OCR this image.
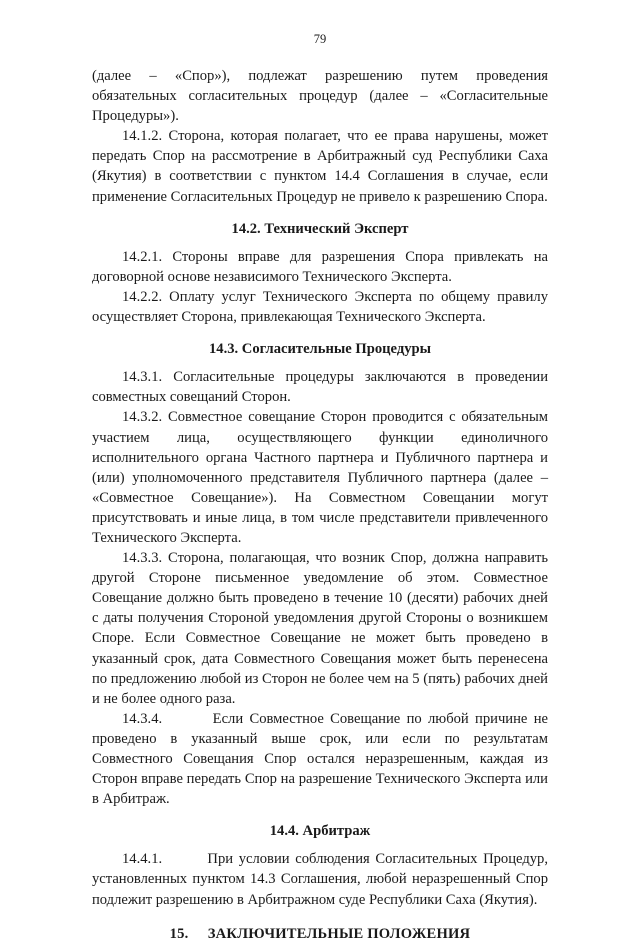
79

(далее – «Спор»), подлежат разрешению путем проведения обязательных согласительных процедур (далее – «Согласительные Процедуры»).

14.1.2. Сторона, которая полагает, что ее права нарушены, может передать Спор на рассмотрение в Арбитражный суд Республики Саха (Якутия) в соответствии с пунктом 14.4 Соглашения в случае, если применение Согласительных Процедур не привело к разрешению Спора.

14.2. Технический Эксперт

14.2.1. Стороны вправе для разрешения Спора привлекать на договорной основе независимого Технического Эксперта.

14.2.2. Оплату услуг Технического Эксперта по общему правилу осуществляет Сторона, привлекающая Технического Эксперта.

14.3. Согласительные Процедуры

14.3.1. Согласительные процедуры заключаются в проведении совместных совещаний Сторон.

14.3.2. Совместное совещание Сторон проводится с обязательным участием лица, осуществляющего функции единоличного исполнительного органа Частного партнера и Публичного партнера и (или) уполномоченного представителя Публичного партнера (далее – «Совместное Совещание»). На Совместном Совещании могут присутствовать и иные лица, в том числе представители привлеченного Технического Эксперта.

14.3.3. Сторона, полагающая, что возник Спор, должна направить другой Стороне письменное уведомление об этом. Совместное Совещание должно быть проведено в течение 10 (десяти) рабочих дней с даты получения Стороной уведомления другой Стороны о возникшем Споре. Если Совместное Совещание не может быть проведено в указанный срок, дата Совместного Совещания может быть перенесена по предложению любой из Сторон не более чем на 5 (пять) рабочих дней и не более одного раза.

14.3.4.        Если Совместное Совещание по любой причине не проведено в указанный выше срок, или если по результатам Совместного Совещания Спор остался неразрешенным, каждая из Сторон вправе передать Спор на разрешение Технического Эксперта или в Арбитраж.

14.4. Арбитраж

14.4.1.        При условии соблюдения Согласительных Процедур, установленных пунктом 14.3 Соглашения, любой неразрешенный Спор подлежит разрешению в Арбитражном суде Республики Саха (Якутия).

15.     ЗАКЛЮЧИТЕЛЬНЫЕ ПОЛОЖЕНИЯ
